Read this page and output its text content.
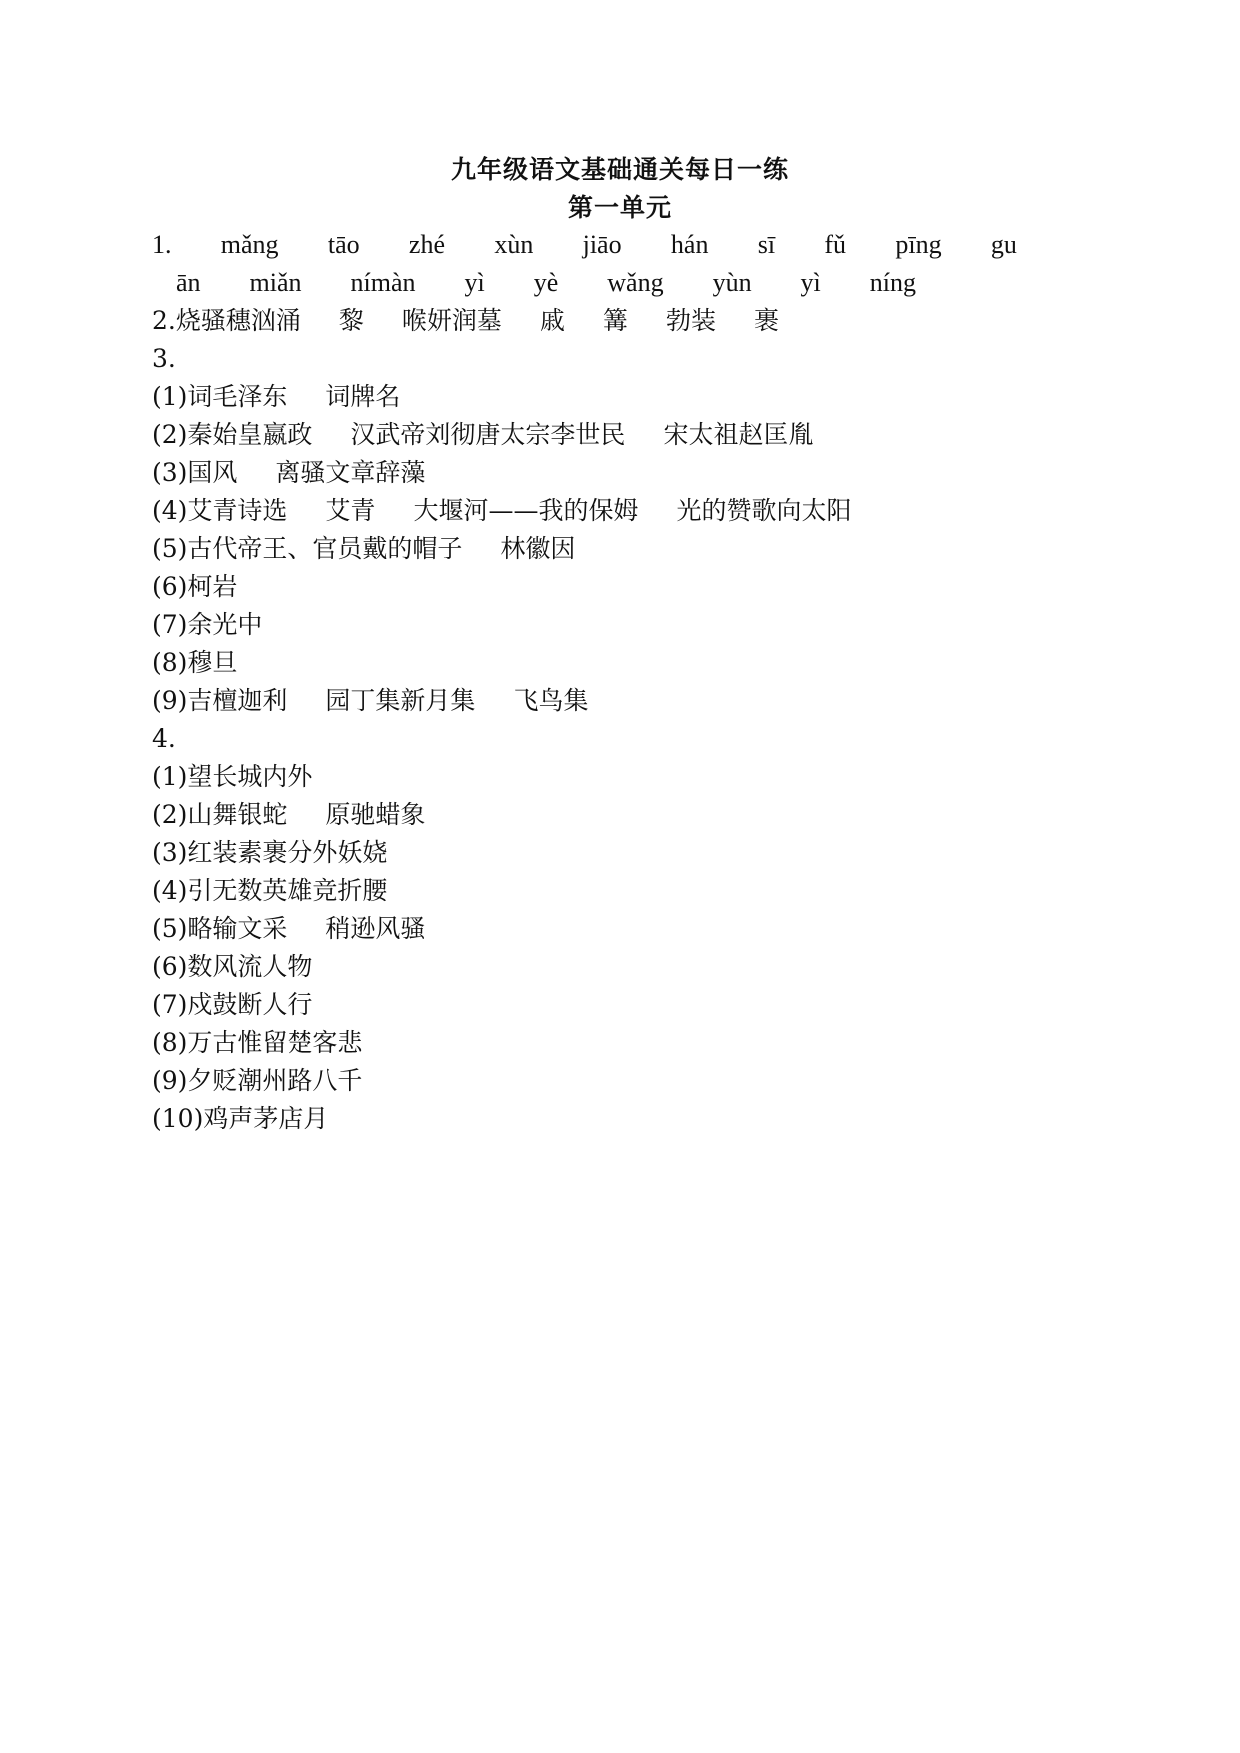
九年级语文基础通关每日一练
第一单元
1. mǎng tāo zhé xùn jiāo hán sī fǔ pīng gu
ān miǎn nímàn yì yè wǎng yùn yì níng
2.烧骚穗汹涌 黎 喉妍润墓 戚 篝 勃装 裹
3.
(1)词毛泽东 词牌名
(2)秦始皇嬴政 汉武帝刘彻唐太宗李世民 宋太祖赵匡胤
(3)国风 离骚文章辞藻
(4)艾青诗选 艾青 大堰河——我的保姆 光的赞歌向太阳
(5)古代帝王、官员戴的帽子 林徽因
(6)柯岩
(7)余光中
(8)穆旦
(9)吉檀迦利 园丁集新月集 飞鸟集
4.
(1)望长城内外
(2)山舞银蛇 原驰蜡象
(3)红装素裹分外妖娆
(4)引无数英雄竞折腰
(5)略输文采 稍逊风骚
(6)数风流人物
(7)戍鼓断人行
(8)万古惟留楚客悲
(9)夕贬潮州路八千
(10)鸡声茅店月
